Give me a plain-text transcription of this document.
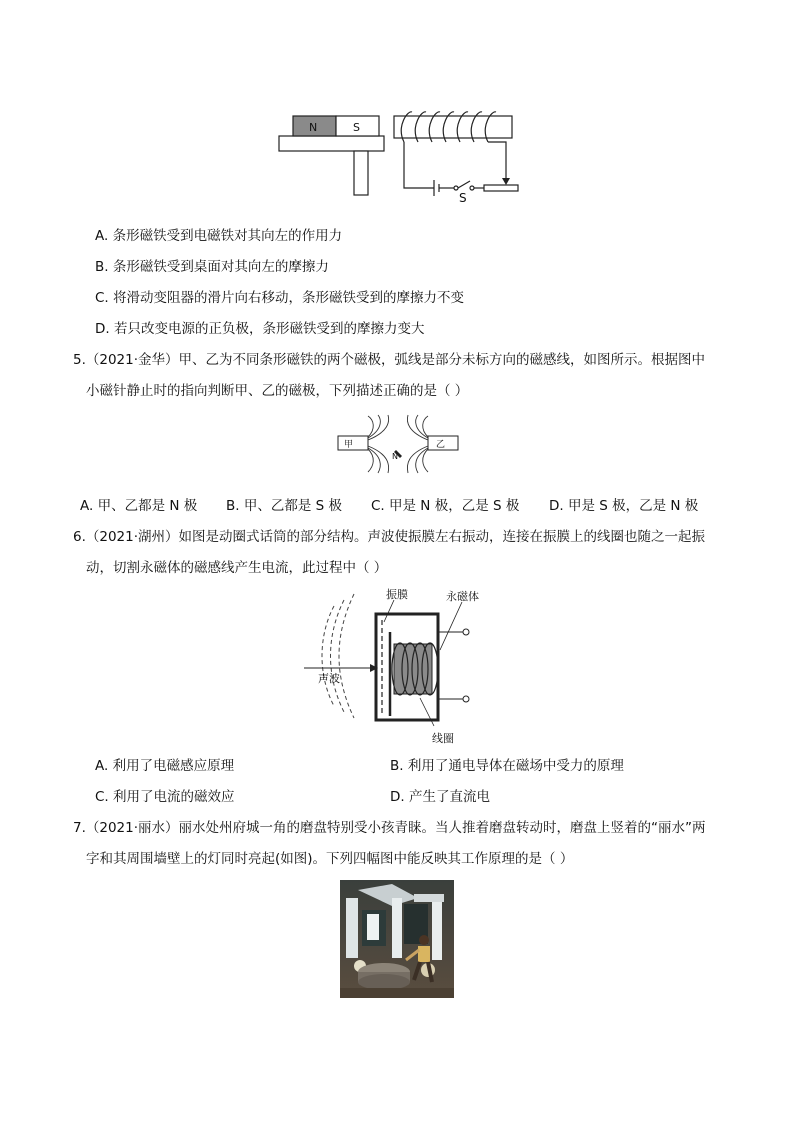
N	S
S
A. 条形磁铁受到电磁铁对其向左的作用力
B. 条形磁铁受到桌面对其向左的摩擦力
C. 将滑动变阻器的滑片向右移动，条形磁铁受到的摩擦力不变
D. 若只改变电源的正负极，条形磁铁受到的摩擦力变大
5.（2021·金华）甲、乙为不同条形磁铁的两个磁极，弧线是部分未标方向的磁感线，如图所示。根据图中
小磁针静止时的指向判断甲、乙的磁极，下列描述正确的是（ ）
甲	乙
N
A. 甲、乙都是 N 极 B. 甲、乙都是 S 极 C. 甲是 N 极，乙是 S 极 D. 甲是 S 极，乙是 N 极
6.（2021·湖州）如图是动圈式话筒的部分结构。声波使振膜左右振动，连接在振膜上的线圈也随之一起振
动，切割永磁体的磁感线产生电流，此过程中（ ）
声波
振膜	永磁体
线圈
A. 利用了电磁感应原理	B. 利用了通电导体在磁场中受力的原理
C. 利用了电流的磁效应	D. 产生了直流电
7.（2021·丽水）丽水处州府城一角的磨盘特别受小孩青睐。当人推着磨盘转动时，磨盘上竖着的“丽水”两
字和其周围墙壁上的灯同时亮起(如图)。下列四幅图中能反映其工作原理的是（ ）
